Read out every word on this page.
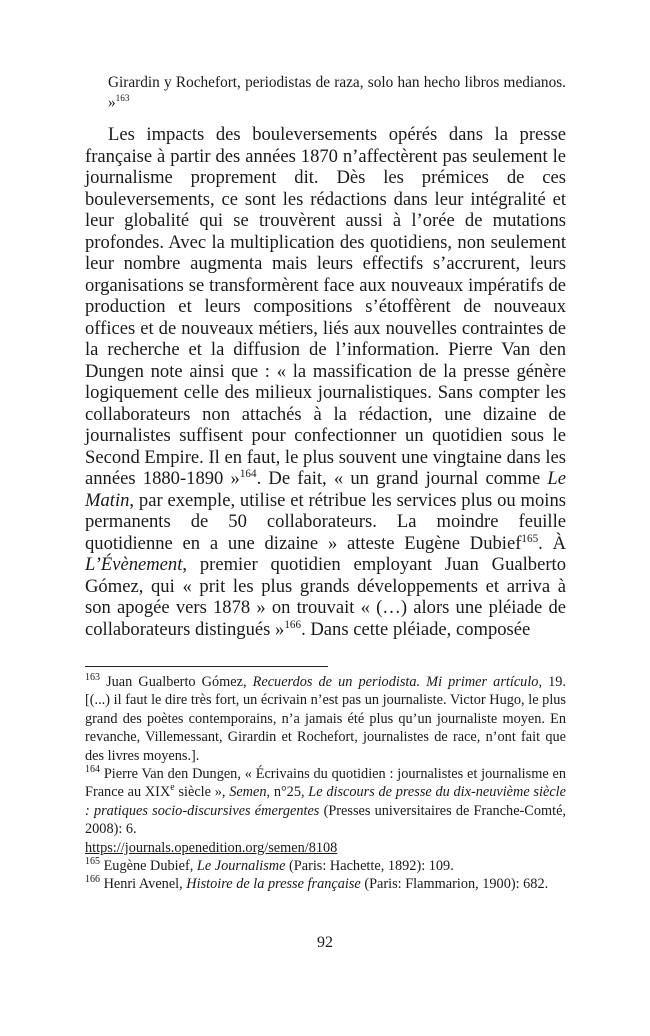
Girardin y Rochefort, periodistas de raza, solo han hecho libros medianos. »$^{163}$

Les impacts des bouleversements opérés dans la presse française à partir des années 1870 n’affectèrent pas seulement le journalisme proprement dit. Dès les prémices de ces bouleversements, ce sont les rédactions dans leur intégralité et leur globalité qui se trouvèrent aussi à l’orée de mutations profondes. Avec la multiplication des quotidiens, non seulement leur nombre augmenta mais leurs effectifs s’accrurent, leurs organisations se transformèrent face aux nouveaux impératifs de production et leurs compositions s’étoffèrent de nouveaux offices et de nouveaux métiers, liés aux nouvelles contraintes de la recherche et la diffusion de l’information. Pierre Van den Dungen note ainsi que : « la massification de la presse génère logiquement celle des milieux journalistiques. Sans compter les collaborateurs non attachés à la rédaction, une dizaine de journalistes suffisent pour confectionner un quotidien sous le Second Empire. Il en faut, le plus souvent une vingtaine dans les années 1880-1890 »$^{164}$. De fait, « un grand journal comme Le Matin, par exemple, utilise et rétribue les services plus ou moins permanents de 50 collaborateurs. La moindre feuille quotidienne en a une dizaine » atteste Eugène Dubief$^{165}$. À L’Évènement, premier quotidien employant Juan Gualberto Gómez, qui « prit les plus grands développements et arriva à son apogée vers 1878 » on trouvait « (…) alors une pléiade de collaborateurs distingués »$^{166}$. Dans cette pléiade, composée

$^{163}$ Juan Gualberto Gómez, Recuerdos de un periodista. Mi primer artículo, 19. [(...) il faut le dire très fort, un écrivain n’est pas un journaliste. Victor Hugo, le plus grand des poètes contemporains, n’a jamais été plus qu’un journaliste moyen. En revanche, Villemessant, Girardin et Rochefort, journalistes de race, n’ont fait que des livres moyens.].

$^{164}$ Pierre Van den Dungen, « Écrivains du quotidien : journalistes et journalisme en France au XIXe siècle », Semen, n°25, Le discours de presse du dix-neuvième siècle : pratiques socio-discursives émergentes (Presses universitaires de Franche-Comté, 2008): 6.
https://journals.openedition.org/semen/8108

$^{165}$ Eugène Dubief, Le Journalisme (Paris: Hachette, 1892): 109.

$^{166}$ Henri Avenel, Histoire de la presse française (Paris: Flammarion, 1900): 682.

92
